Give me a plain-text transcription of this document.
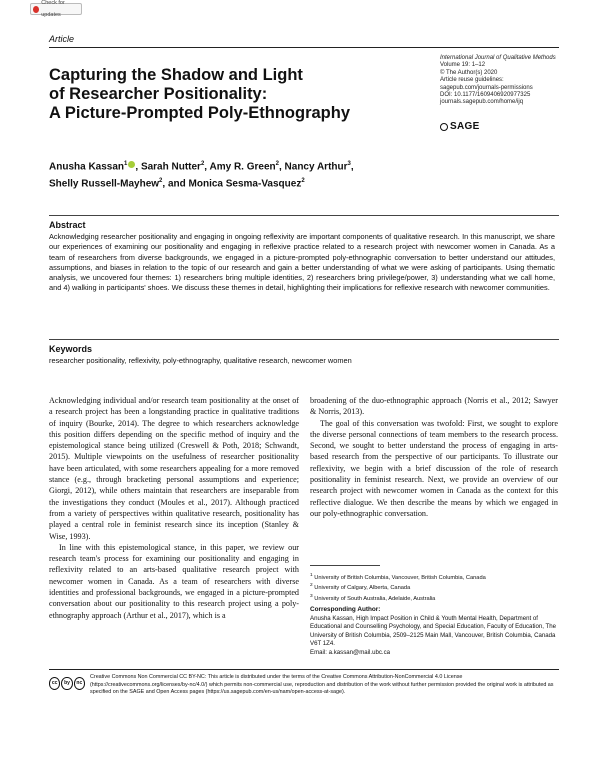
Check for updates
Article
Capturing the Shadow and Light
of Researcher Positionality:
A Picture-Prompted Poly-Ethnography
International Journal of Qualitative Methods
Volume 19: 1–12
© The Author(s) 2020
Article reuse guidelines:
sagepub.com/journals-permissions
DOI: 10.1177/1609406920977325
journals.sagepub.com/home/ijq
SAGE
Anusha Kassan$^1$ , Sarah Nutter$^2$, Amy R. Green$^2$, Nancy Arthur$^3$,
Shelly Russell-Mayhew$^2$, and Monica Sesma-Vasquez$^2$
Abstract
Acknowledging researcher positionality and engaging in ongoing reflexivity are important components of qualitative research. In this manuscript, we share our experiences of examining our positionality and engaging in reflexive practice related to a research project with newcomer women in Canada. As a team of researchers from diverse backgrounds, we engaged in a picture-prompted poly-ethnographic conversation to better understand our attitudes, assumptions, and biases in relation to the topic of our research and gain a better understanding of what we were asking of participants. Using thematic analysis, we uncovered four themes: 1) researchers bring multiple identities, 2) researchers bring privilege/power, 3) understanding what we call home, and 4) walking in participants' shoes. We discuss these themes in detail, highlighting their implications for reflexive research with newcomer communities.
Keywords
researcher positionality, reflexivity, poly-ethnography, qualitative research, newcomer women

Acknowledging individual and/or research team positionality at the onset of a research project has been a longstanding practice in qualitative traditions of inquiry (Bourke, 2014). The degree to which researchers acknowledge this position differs depending on the specific method of inquiry and the epistemological stance being utilized (Creswell & Poth, 2018; Schwandt, 2015). Multiple viewpoints on the usefulness of researcher positionality have been articulated, with some researchers appealing for a more removed stance (e.g., through bracketing personal assumptions and experience; Giorgi, 2012), while others maintain that researchers are inseparable from the investigations they conduct (Moules et al., 2017). Although practiced from a variety of perspectives within qualitative research, positionality has played a central role in feminist research since its inception (Stanley & Wise, 1993).

In line with this epistemological stance, in this paper, we review our research team's process for examining our positionality and engaging in reflexivity related to an arts-based qualitative research project with newcomer women in Canada. As a team of researchers with diverse identities and professional backgrounds, we engaged in a picture-prompted conversation about our positionality to this research project using a poly-ethnography approach (Arthur et al., 2017), which is a

broadening of the duo-ethnographic approach (Norris et al., 2012; Sawyer & Norris, 2013).

The goal of this conversation was twofold: First, we sought to explore the diverse personal connections of team members to the research process. Second, we sought to better understand the process of engaging in arts-based research from the perspective of our participants. To illustrate our reflexivity, we begin with a brief discussion of the role of research positionality in feminist research. Next, we provide an overview of our research project with newcomer women in Canada as the context for this reflective dialogue. We then describe the means by which we engaged in our poly-ethnographic conversation.

$^1$ University of British Columbia, Vancouver, British Columbia, Canada
$^2$ University of Calgary, Alberta, Canada
$^3$ University of South Australia, Adelaide, Australia
Corresponding Author:
Anusha Kassan, High Impact Position in Child & Youth Mental Health, Department of Educational and Counselling Psychology, and Special Education, Faculty of Education, The University of British Columbia, 2509–2125 Main Mall, Vancouver, British Columbia, Canada V6T 1Z4.
Email: a.kassan@mail.ubc.ca
cc	by	nc
Creative Commons Non Commercial CC BY-NC: This article is distributed under the terms of the Creative Commons Attribution-NonCommercial 4.0 License (https://creativecommons.org/licenses/by-nc/4.0/) which permits non-commercial use, reproduction and distribution of the work without further permission provided the original work is attributed as specified on the SAGE and Open Access pages (https://us.sagepub.com/en-us/nam/open-access-at-sage).
